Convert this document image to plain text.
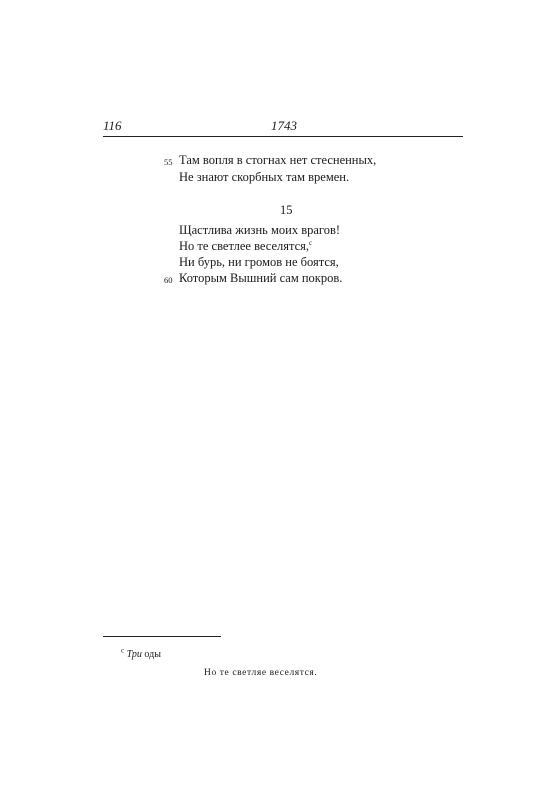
116	1743
55 Там вопля в стогнах нет стесненных,
Не знают скорбных там времен.
15
Щастлива жизнь моих врагов!
Но те светлее веселятся,$^с$
Ни бурь, ни громов не боятся,
60 Которым Вышний сам покров.
$^с$ Три оды
Но те светляе веселятся.
